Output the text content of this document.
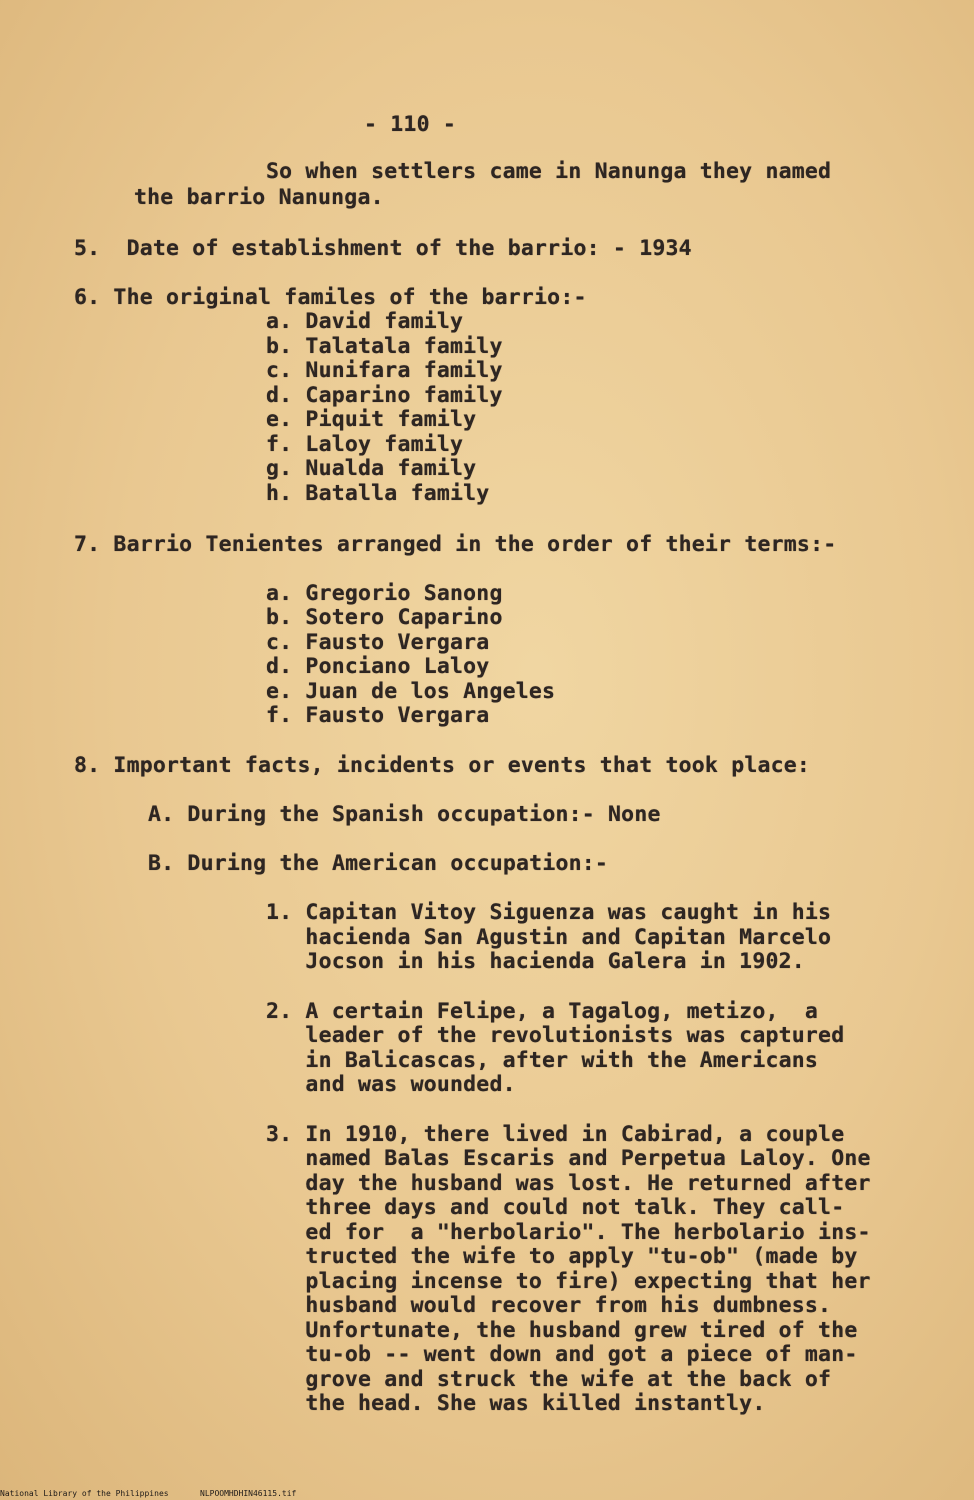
- 110 -
So when settlers came in Nanunga they named
the barrio Nanunga.
5.  Date of establishment of the barrio: - 1934
6. The original familes of the barrio:-
a. David family
b. Talatala family
c. Nunifara family
d. Caparino family
e. Piquit family
f. Laloy family
g. Nualda family
h. Batalla family
7. Barrio Tenientes arranged in the order of their terms:-
a. Gregorio Sanong
b. Sotero Caparino
c. Fausto Vergara
d. Ponciano Laloy
e. Juan de los Angeles
f. Fausto Vergara
8. Important facts, incidents or events that took place:
A. During the Spanish occupation:- None
B. During the American occupation:-
1. Capitan Vitoy Siguenza was caught in his
hacienda San Agustin and Capitan Marcelo
Jocson in his hacienda Galera in 1902.
2. A certain Felipe, a Tagalog, metizo,  a
leader of the revolutionists was captured
in Balicascas, after with the Americans
and was wounded.
3. In 1910, there lived in Cabirad, a couple
named Balas Escaris and Perpetua Laloy. One
day the husband was lost. He returned after
three days and could not talk. They call-
ed for  a "herbolario". The herbolario ins-
tructed the wife to apply "tu-ob" (made by
placing incense to fire) expecting that her
husband would recover from his dumbness.
Unfortunate, the husband grew tired of the
tu-ob -- went down and got a piece of man-
grove and struck the wife at the back of
the head. She was killed instantly.
National Library of the Philippines	NLPOOMHDHIN46115.tif
